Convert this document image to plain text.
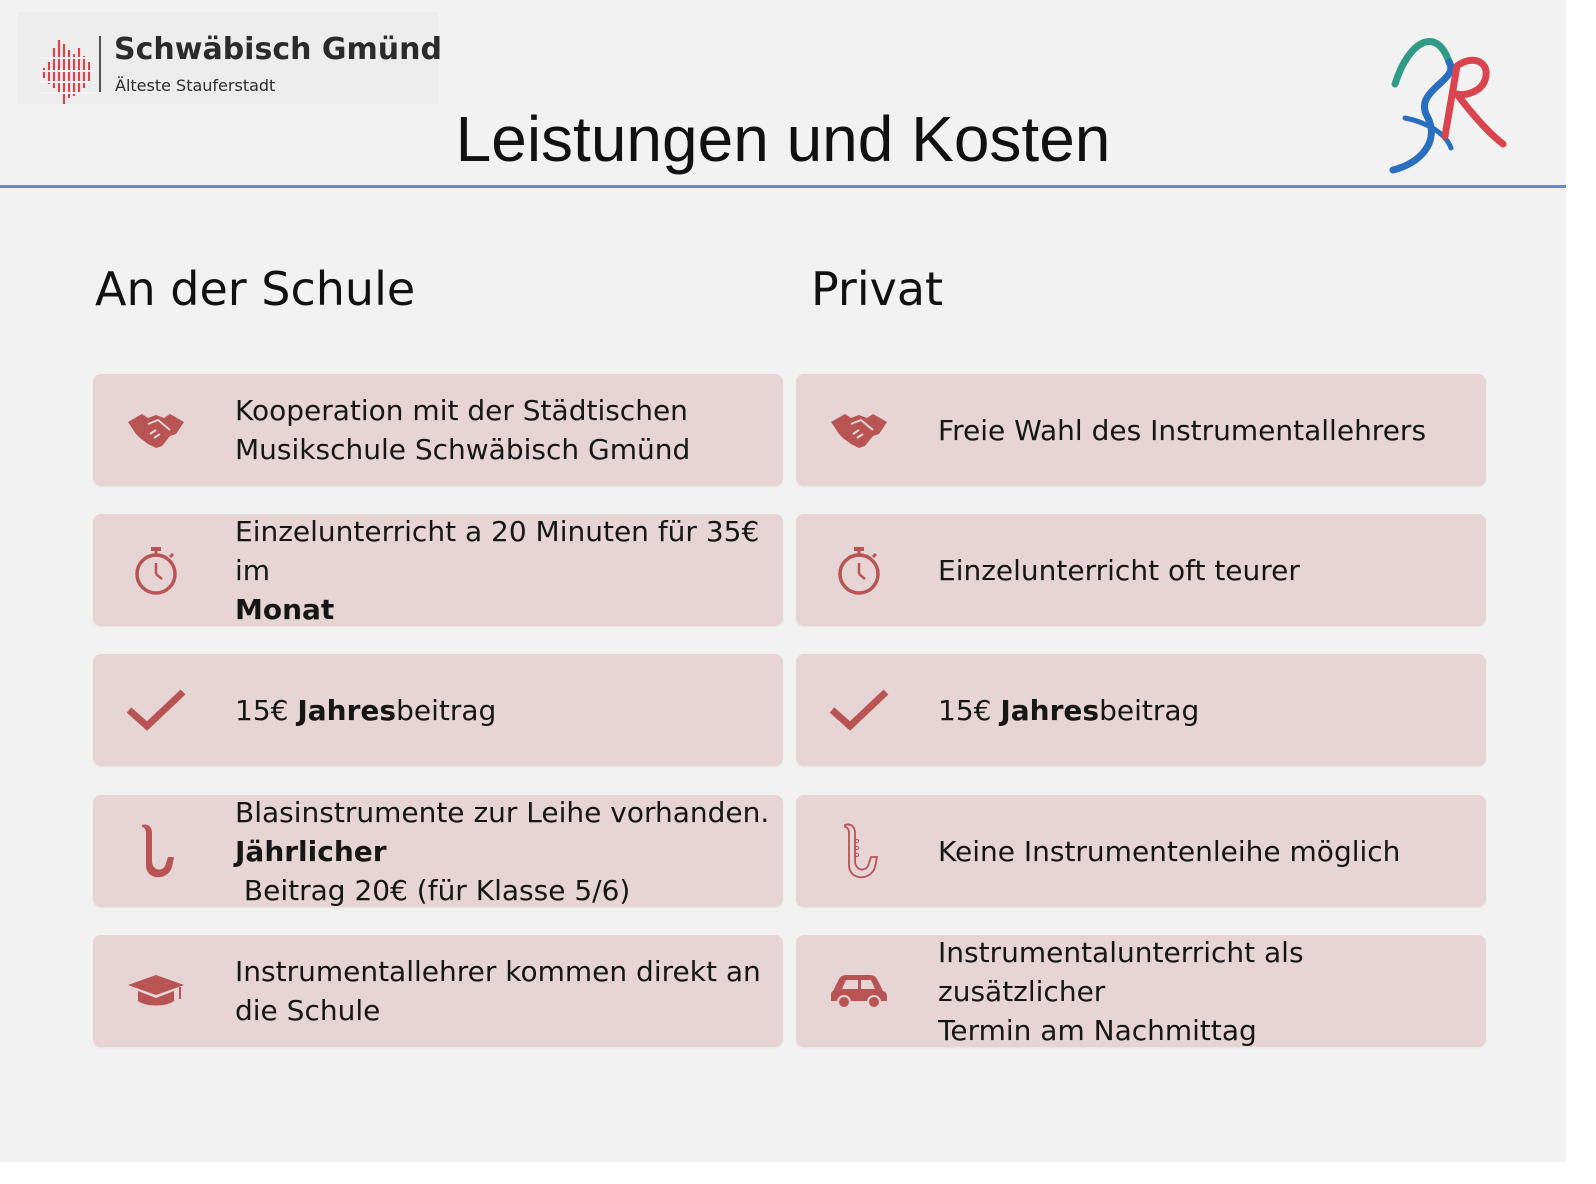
Schwäbisch Gmünd
Älteste Stauferstadt
Leistungen und Kosten
An der Schule	Privat
Kooperation mit der Städtischen
Musikschule Schwäbisch Gmünd
Einzelunterricht a 20 Minuten für 35€ im
Monat
15€ Jahresbeitrag
Blasinstrumente zur Leihe vorhanden.
Jährlicher Beitrag 20€ (für Klasse 5/6)
Instrumentallehrer kommen direkt an
die Schule
Freie Wahl des Instrumentallehrers
Einzelunterricht oft teurer
15€ Jahresbeitrag
Keine Instrumentenleihe möglich
Instrumentalunterricht als zusätzlicher
Termin am Nachmittag
